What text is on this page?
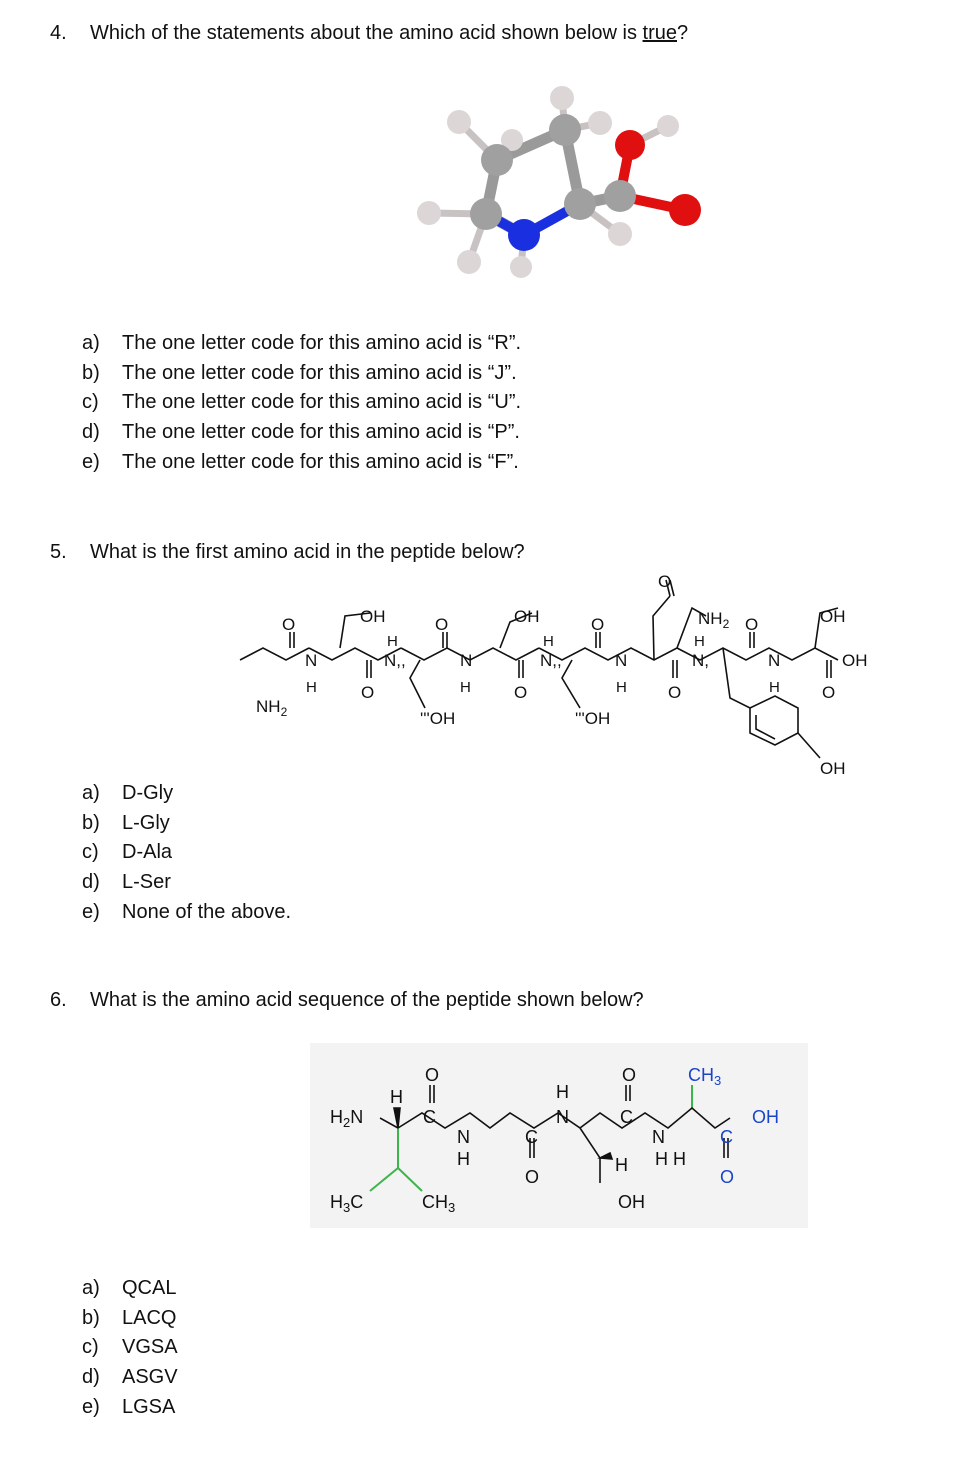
4. Which of the statements about the amino acid shown below is true?
a) The one letter code for this amino acid is “R”.
b) The one letter code for this amino acid is “J”.
c) The one letter code for this amino acid is “U”.
d) The one letter code for this amino acid is “P”.
e) The one letter code for this amino acid is “F”.
5. What is the first amino acid in the peptide below?
$NH_2$
O
N
H
OH
O
H
N,,
O
'''OH
N
H
OH
O
H
N,,
O
'''OH
N
H
O
O
$NH_2$
H
N,
O
N
H
OH
OH
O
OH
a) D-Gly
b) L-Gly
c) D-Ala
d) L-Ser
e) None of the above.
6. What is the amino acid sequence of the peptide shown below?
$H_2N$
H
O
C
N
H
C
O
H
N
$H_3C$	$CH_3$
O
C
N
H H H
OH
$CH_3$
C
O
OH
a) QCAL
b) LACQ
c) VGSA
d) ASGV
e) LGSA
